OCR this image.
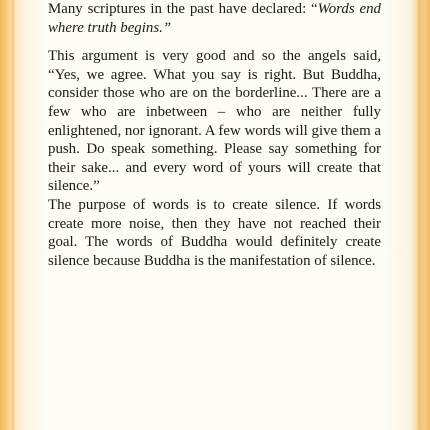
Many scriptures in the past have declared: “Words end where truth begins.”

This argument is very good and so the angels said, “Yes, we agree. What you say is right. But Buddha, consider those who are on the borderline... There are a few who are inbetween – who are neither fully enlightened, nor ignorant. A few words will give them a push. Do speak something. Please say something for their sake... and every word of yours will create that silence.”

The purpose of words is to create silence. If words create more noise, then they have not reached their goal. The words of Buddha would definitely create silence because Buddha is the manifestation of silence.
